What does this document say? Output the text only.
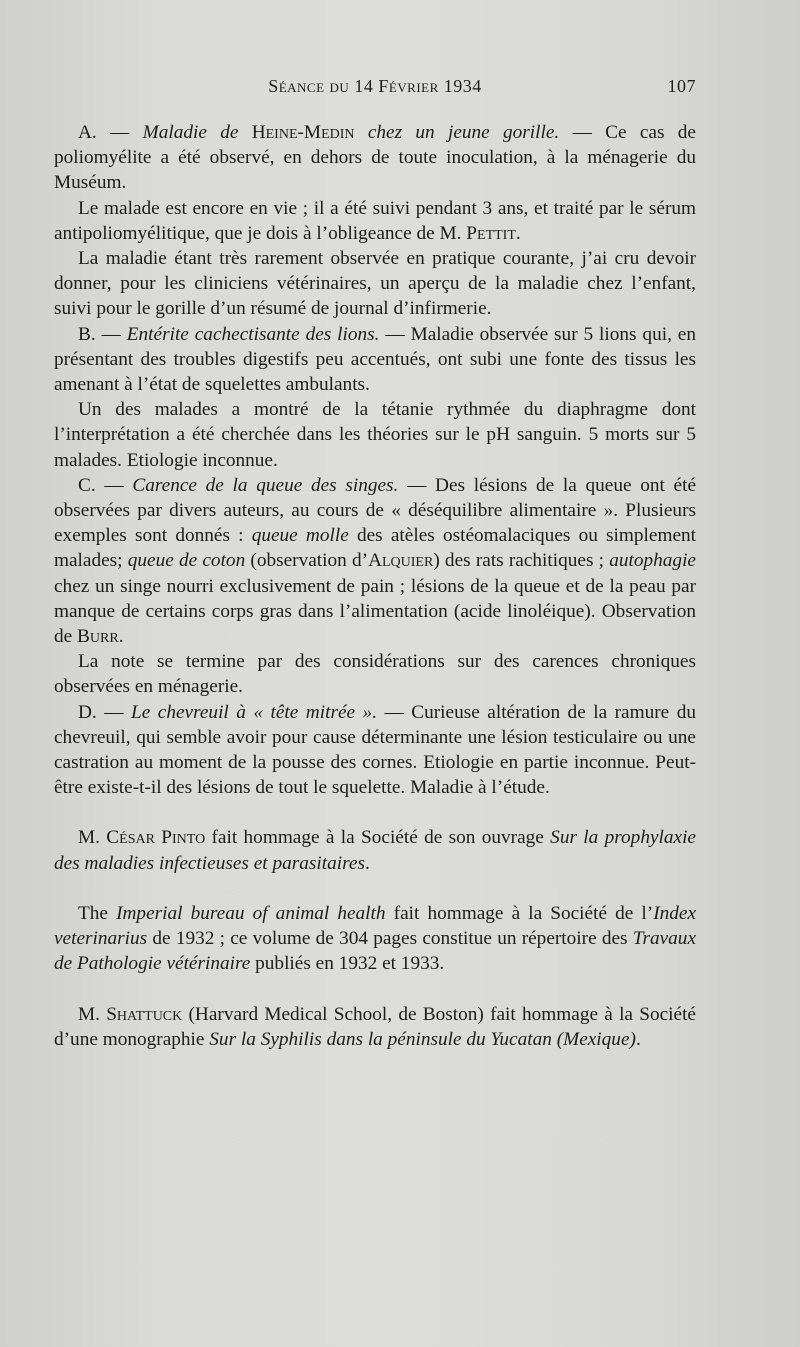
Séance du 14 Février 1934	107

A. — Maladie de Heine-Medin chez un jeune gorille. — Ce cas de poliomyélite a été observé, en dehors de toute inoculation, à la ménagerie du Muséum.

Le malade est encore en vie ; il a été suivi pendant 3 ans, et traité par le sérum antipoliomyélitique, que je dois à l’obligeance de M. Pettit.

La maladie étant très rarement observée en pratique courante, j’ai cru devoir donner, pour les cliniciens vétérinaires, un aperçu de la maladie chez l’enfant, suivi pour le gorille d’un résumé de journal d’infirmerie.

B. — Entérite cachectisante des lions. — Maladie observée sur 5 lions qui, en présentant des troubles digestifs peu accentués, ont subi une fonte des tissus les amenant à l’état de squelettes ambulants.

Un des malades a montré de la tétanie rythmée du diaphragme dont l’interprétation a été cherchée dans les théories sur le pH sanguin. 5 morts sur 5 malades. Etiologie inconnue.

C. — Carence de la queue des singes. — Des lésions de la queue ont été observées par divers auteurs, au cours de « déséquilibre alimentaire ». Plusieurs exemples sont donnés : queue molle des atèles ostéomalaciques ou simplement malades; queue de coton (observation d’Alquier) des rats rachitiques ; autophagie chez un singe nourri exclusivement de pain ; lésions de la queue et de la peau par manque de certains corps gras dans l’alimentation (acide linoléique). Observation de Burr.

La note se termine par des considérations sur des carences chroniques observées en ménagerie.

D. — Le chevreuil à « tête mitrée ». — Curieuse altération de la ramure du chevreuil, qui semble avoir pour cause déterminante une lésion testiculaire ou une castration au moment de la pousse des cornes. Etiologie en partie inconnue. Peut-être existe-t-il des lésions de tout le squelette. Maladie à l’étude.

M. César Pinto fait hommage à la Société de son ouvrage Sur la prophylaxie des maladies infectieuses et parasitaires.

The Imperial bureau of animal health fait hommage à la Société de l’Index veterinarius de 1932 ; ce volume de 304 pages constitue un répertoire des Travaux de Pathologie vétérinaire publiés en 1932 et 1933.

M. Shattuck (Harvard Medical School, de Boston) fait hommage à la Société d’une monographie Sur la Syphilis dans la péninsule du Yucatan (Mexique).
